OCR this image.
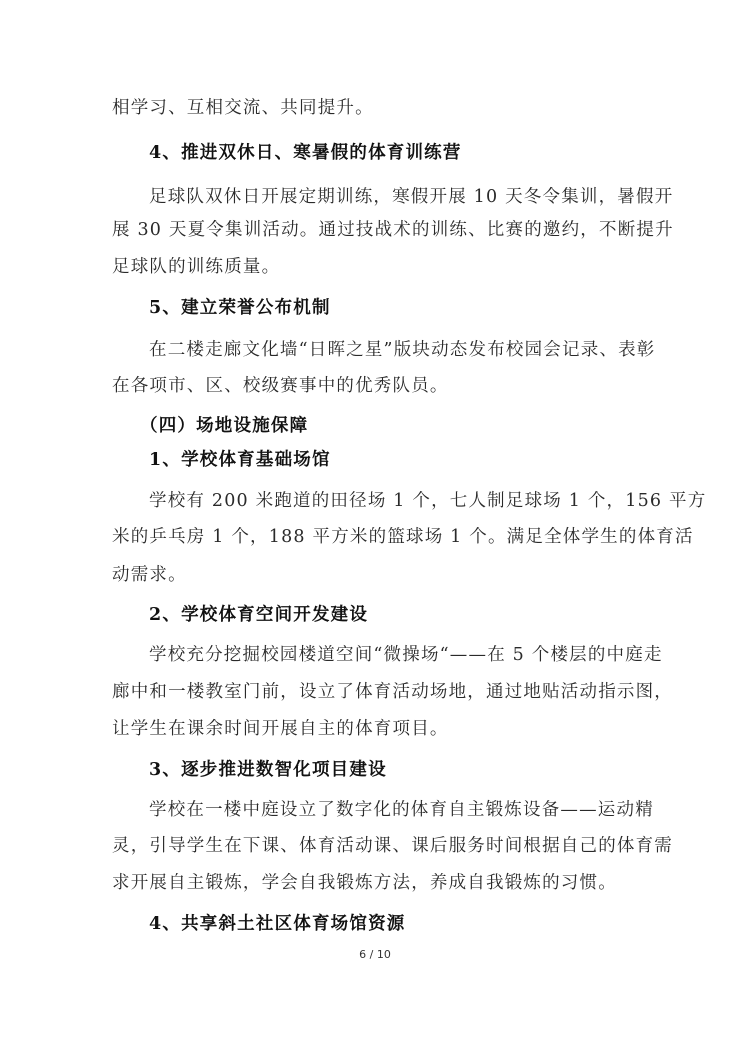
相学习、互相交流、共同提升。
4、推进双休日、寒暑假的体育训练营
足球队双休日开展定期训练，寒假开展 10 天冬令集训，暑假开
展 30 天夏令集训活动。通过技战术的训练、比赛的邀约，不断提升
足球队的训练质量。
5、建立荣誉公布机制
在二楼走廊文化墙“日晖之星”版块动态发布校园会记录、表彰
在各项市、区、校级赛事中的优秀队员。
（四）场地设施保障
1、学校体育基础场馆
学校有 200 米跑道的田径场 1 个，七人制足球场 1 个，156 平方
米的乒乓房 1 个，188 平方米的篮球场 1 个。满足全体学生的体育活
动需求。
2、学校体育空间开发建设
学校充分挖掘校园楼道空间“微操场“——在 5 个楼层的中庭走
廊中和一楼教室门前，设立了体育活动场地，通过地贴活动指示图，
让学生在课余时间开展自主的体育项目。
3、逐步推进数智化项目建设
学校在一楼中庭设立了数字化的体育自主锻炼设备——运动精
灵，引导学生在下课、体育活动课、课后服务时间根据自己的体育需
求开展自主锻炼，学会自我锻炼方法，养成自我锻炼的习惯。
4、共享斜土社区体育场馆资源
6 / 10
